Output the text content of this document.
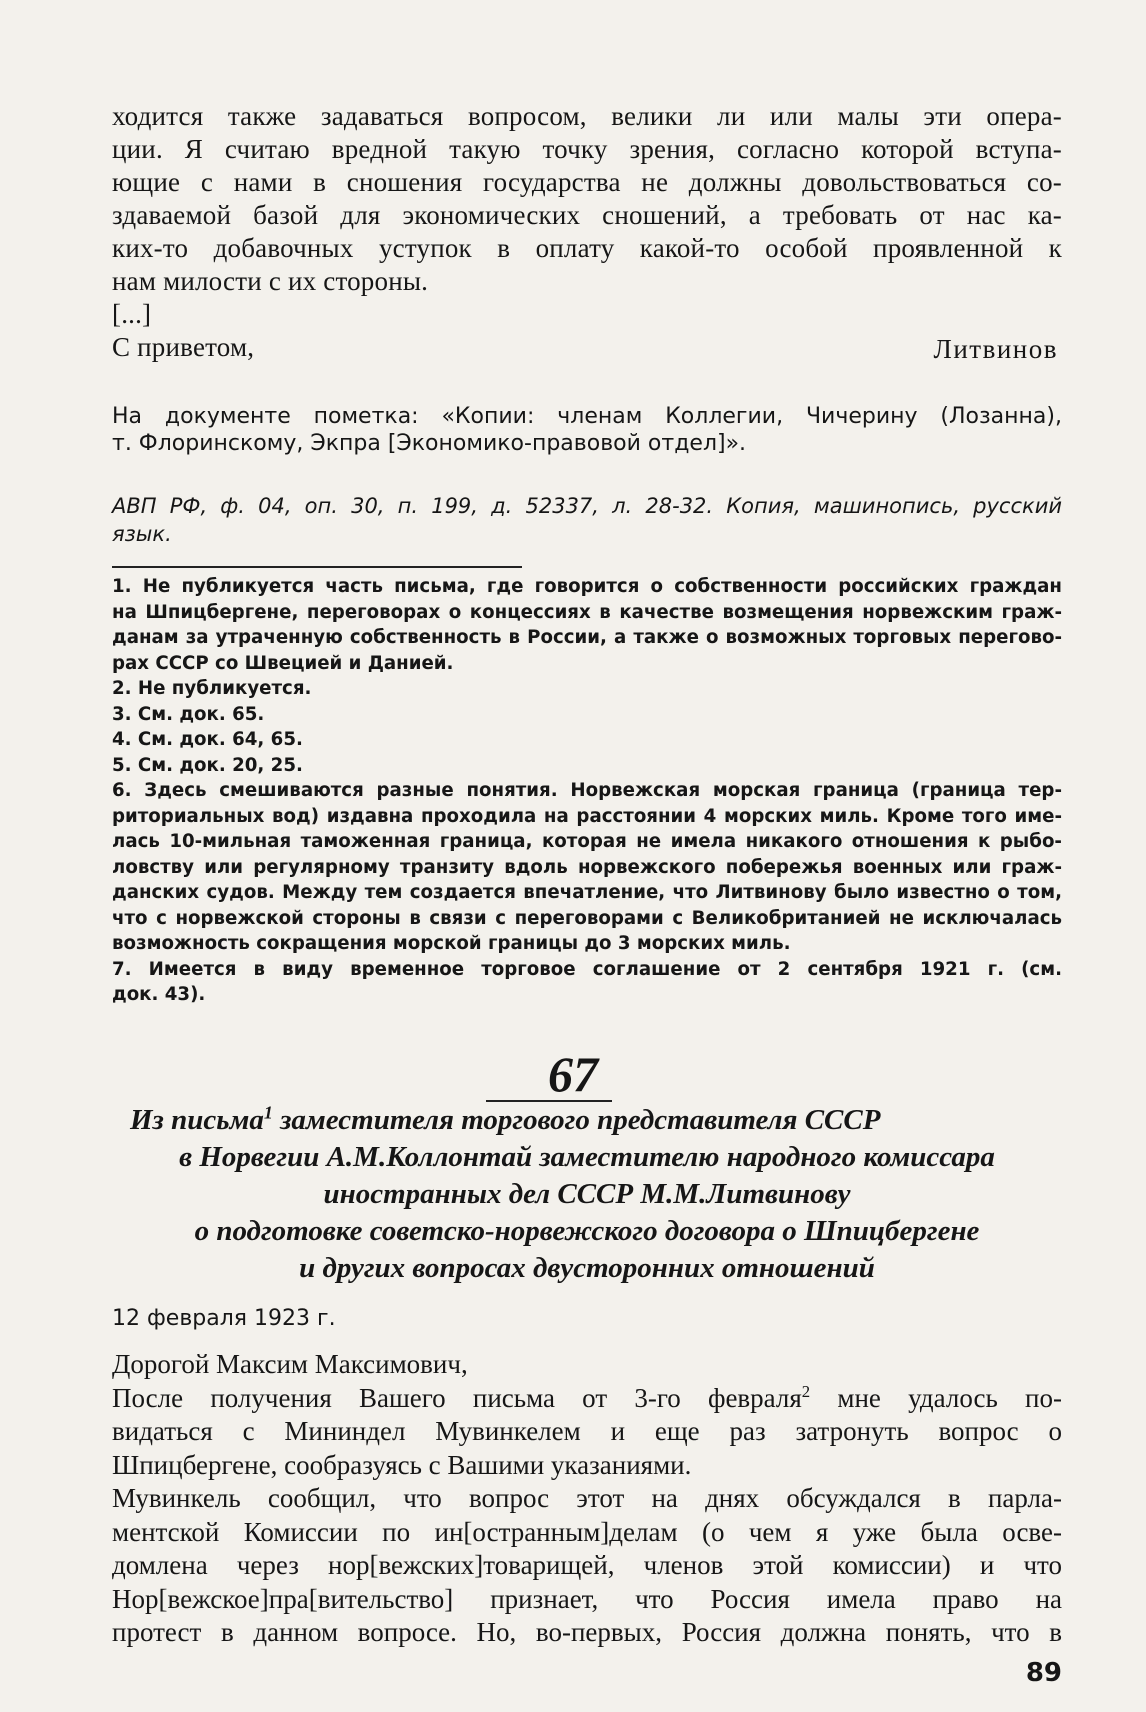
ходится также задаваться вопросом, велики ли или малы эти опера-
ции. Я считаю вредной такую точку зрения, согласно которой вступа-
ющие с нами в сношения государства не должны довольствоваться со-
здаваемой базой для экономических сношений, а требовать от нас ка-
ких-то добавочных уступок в оплату какой-то особой проявленной к
нам милости с их стороны.
[...]
С приветом,	Литвинов
На документе пометка: «Копии: членам Коллегии, Чичерину (Лозанна),
т. Флоринскому, Экпра [Экономико-правовой отдел]».
АВП РФ, ф. 04, оп. 30, п. 199, д. 52337, л. 28-32. Копия, машинопись, русский
язык.
1. Не публикуется часть письма, где говорится о собственности российских граждан
на Шпицбергене, переговорах о концессиях в качестве возмещения норвежским граж-
данам за утраченную собственность в России, а также о возможных торговых перегово-
рах СССР со Швецией и Данией.
2. Не публикуется.
3. См. док. 65.
4. См. док. 64, 65.
5. См. док. 20, 25.
6. Здесь смешиваются разные понятия. Норвежская морская граница (граница тер-
риториальных вод) издавна проходила на расстоянии 4 морских миль. Кроме того име-
лась 10-мильная таможенная граница, которая не имела никакого отношения к рыбо-
ловству или регулярному транзиту вдоль норвежского побережья военных или граж-
данских судов. Между тем создается впечатление, что Литвинову было известно о том,
что с норвежской стороны в связи с переговорами с Великобританией не исключалась
возможность сокращения морской границы до 3 морских миль.
7. Имеется в виду временное торговое соглашение от 2 сентября 1921 г. (см.
док. 43).
67
Из письма$^1$ заместителя торгового представителя СССР
в Норвегии А.М.Коллонтай заместителю народного комиссара
иностранных дел СССР М.М.Литвинову
о подготовке советско-норвежского договора о Шпицбергене
и других вопросах двусторонних отношений
12 февраля 1923 г.
Дорогой Максим Максимович,
После получения Вашего письма от 3-го февраля$^2$ мне удалось по-
видаться с Мининдел Мувинкелем и еще раз затронуть вопрос о
Шпицбергене, сообразуясь с Вашими указаниями.
Мувинкель сообщил, что вопрос этот на днях обсуждался в парла-
ментской Комиссии по ин[остранным]делам (о чем я уже была осве-
домлена через нор[вежских]товарищей, членов этой комиссии) и что
Нор[вежское]пра[вительство] признает, что Россия имела право на
протест в данном вопросе. Но, во-первых, Россия должна понять, что в
89
